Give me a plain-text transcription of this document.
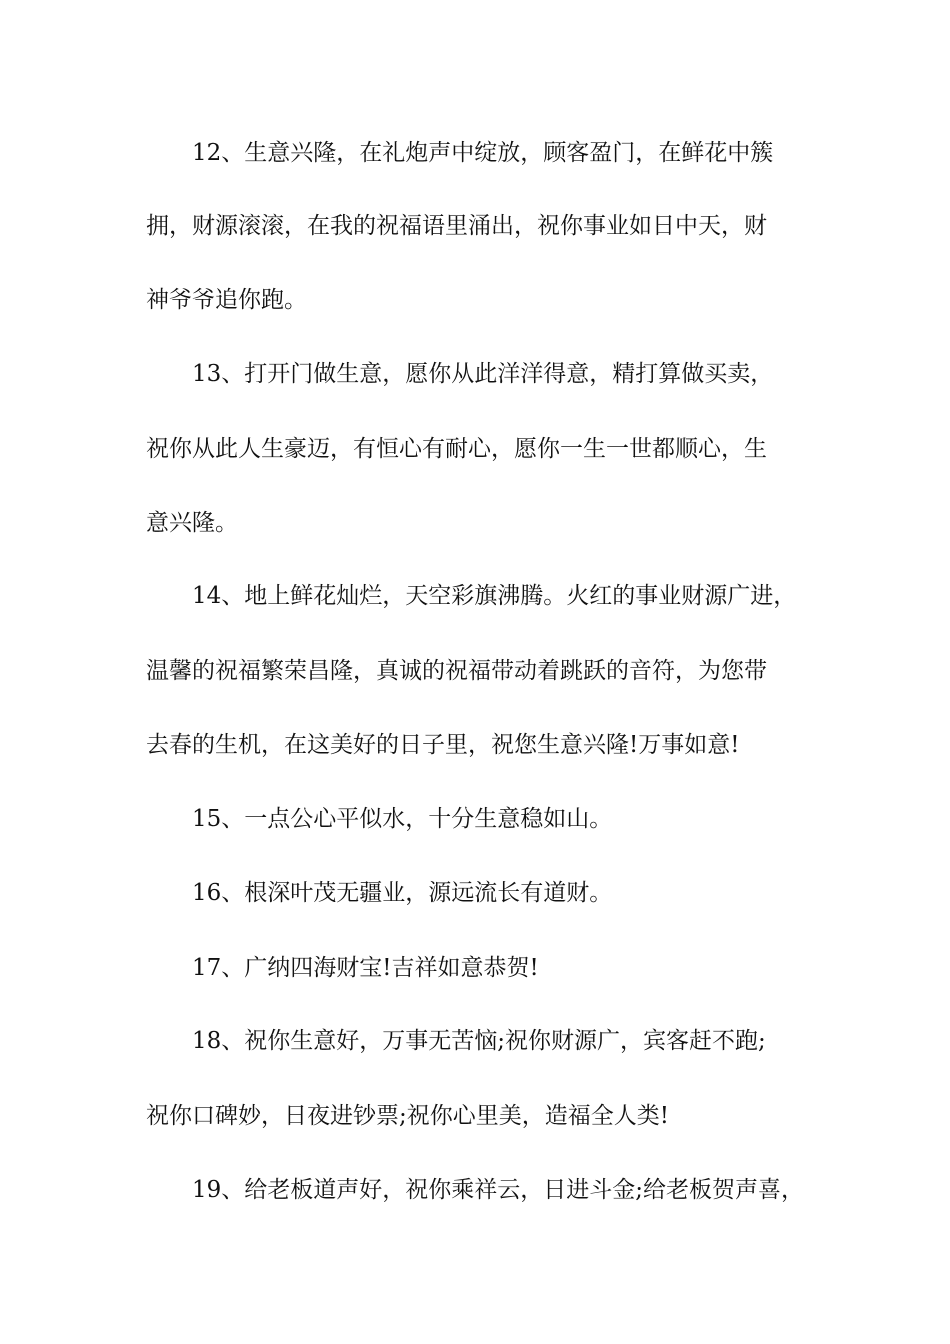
12、生意兴隆，在礼炮声中绽放，顾客盈门，在鲜花中簇
拥，财源滚滚，在我的祝福语里涌出，祝你事业如日中天，财
神爷爷追你跑。
13、打开门做生意，愿你从此洋洋得意，精打算做买卖，
祝你从此人生豪迈，有恒心有耐心，愿你一生一世都顺心，生
意兴隆。
14、地上鲜花灿烂，天空彩旗沸腾。火红的事业财源广进，
温馨的祝福繁荣昌隆，真诚的祝福带动着跳跃的音符，为您带
去春的生机，在这美好的日子里，祝您生意兴隆!万事如意!
15、一点公心平似水，十分生意稳如山。
16、根深叶茂无疆业，源远流长有道财。
17、广纳四海财宝!吉祥如意恭贺!
18、祝你生意好，万事无苦恼;祝你财源广，宾客赶不跑;
祝你口碑妙，日夜进钞票;祝你心里美，造福全人类!
19、给老板道声好，祝你乘祥云，日进斗金;给老板贺声喜，
